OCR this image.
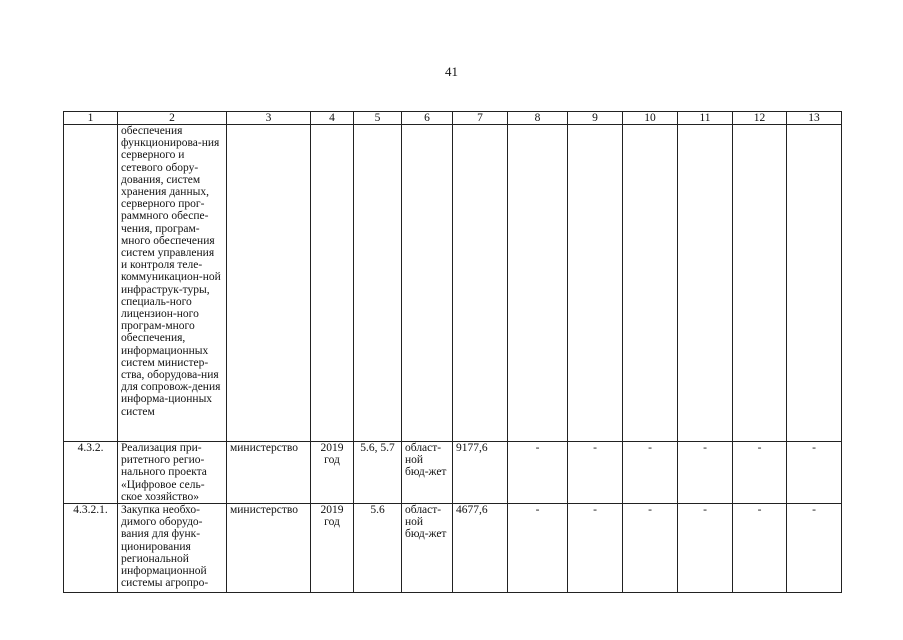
41
1	2	3	4	5	6	7	8	9	10	11	12	13
	обеспечения функционирова-ния серверного и сетевого обору-дования, систем хранения данных, серверного прог-раммного обеспе-чения, програм-много обеспечения систем управления и контроля теле-коммуникацион-ной инфраструк-туры, специаль-ного лицензион-ного програм-много обеспечения, информационных систем министер-ства, оборудова-ния для сопровож-дения информа-ционных систем											
4.3.2.	Реализация при-ритетного регио-нального проекта «Цифровое сель-ское хозяйство»	министерство	2019 год	5.6, 5.7	област-ной бюд-жет	9177,6	-	-	-	-	-	-
4.3.2.1.	Закупка необхо-димого оборудо-вания для функ-ционирования региональной информационной системы агропро-	министерство	2019 год	5.6	област-ной бюд-жет	4677,6	-	-	-	-	-	-
